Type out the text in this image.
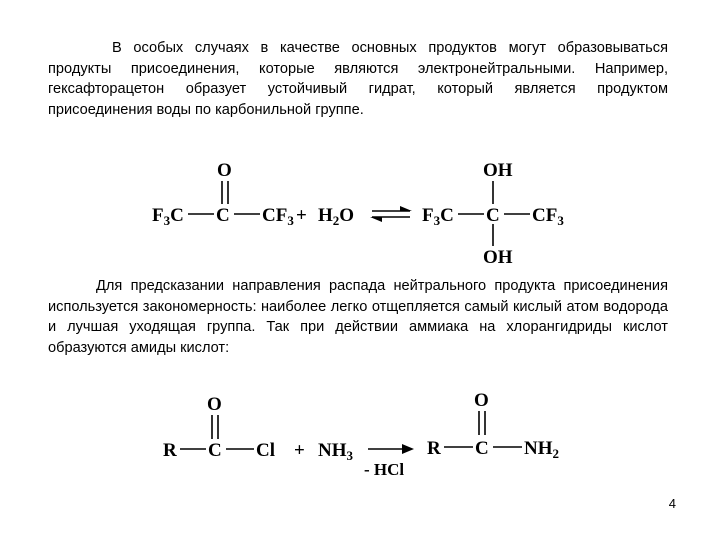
В особых случаях в качестве основных продуктов могут образовываться продукты присоединения, которые являются электронейтральными. Например, гексафторацетон образует устойчивый гидрат, который является продуктом присоединения воды по карбонильной группе.

O
$F_3C$ C $CF_3 + H_2O$
OH
$F_3C$ C $CF_3$
OH

Для предсказании направления распада нейтрального продукта присоединения используется закономерность: наиболее легко отщепляется самый кислый атом водорода и лучшая уходящая группа. Так при действии аммиака на хлорангидриды кислот образуются амиды кислот:

O
R C $Cl + NH_3$
- HCl
O
R C $NH_2$
4
